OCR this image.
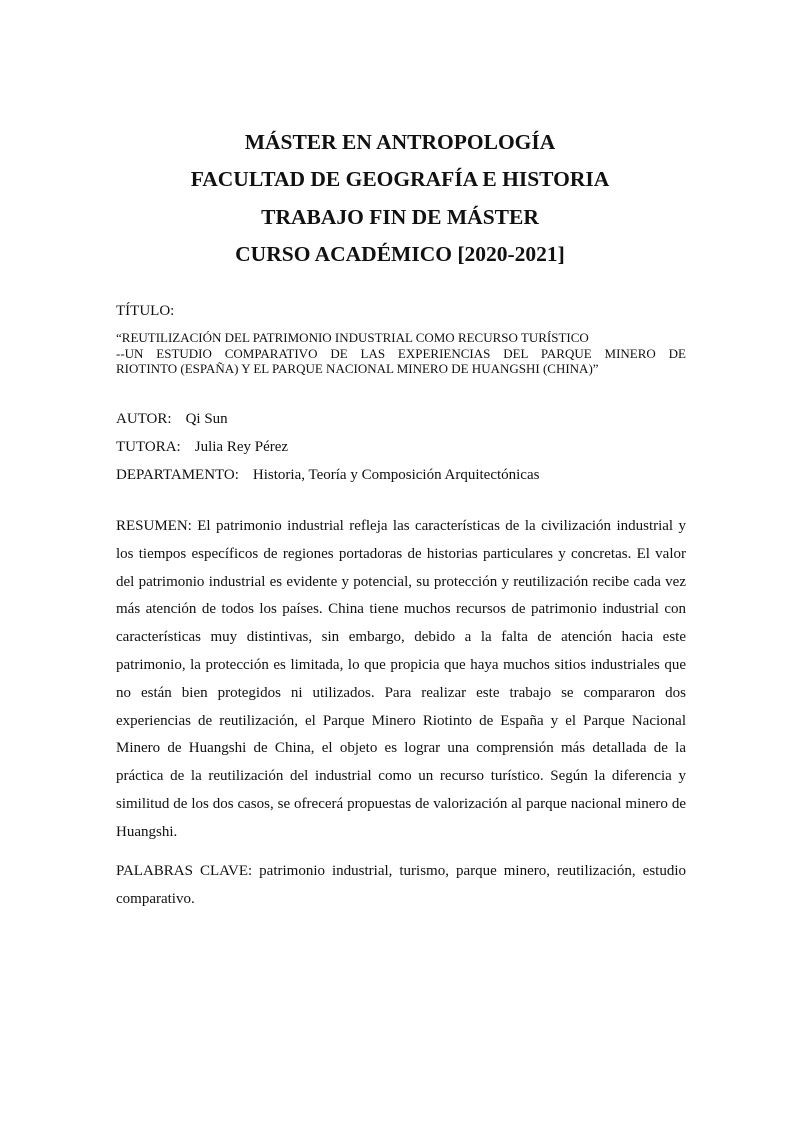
MÁSTER EN ANTROPOLOGÍA
FACULTAD DE GEOGRAFÍA E HISTORIA
TRABAJO FIN DE MÁSTER
CURSO ACADÉMICO [2020-2021]
TÍTULO:
“REUTILIZACIÓN DEL PATRIMONIO INDUSTRIAL COMO RECURSO TURÍSTICO
--UN ESTUDIO COMPARATIVO DE LAS EXPERIENCIAS DEL PARQUE MINERO DE
RIOTINTO (ESPAÑA) Y EL PARQUE NACIONAL MINERO DE HUANGSHI (CHINA)”
AUTOR: Qi Sun
TUTORA: Julia Rey Pérez
DEPARTAMENTO: Historia, Teoría y Composición Arquitectónicas
RESUMEN: El patrimonio industrial refleja las características de la civilización industrial y los tiempos específicos de regiones portadoras de historias particulares y concretas. El valor del patrimonio industrial es evidente y potencial, su protección y reutilización recibe cada vez más atención de todos los países. China tiene muchos recursos de patrimonio industrial con características muy distintivas, sin embargo, debido a la falta de atención hacia este patrimonio, la protección es limitada, lo que propicia que haya muchos sitios industriales que no están bien protegidos ni utilizados. Para realizar este trabajo se compararon dos experiencias de reutilización, el Parque Minero Riotinto de España y el Parque Nacional Minero de Huangshi de China, el objeto es lograr una comprensión más detallada de la práctica de la reutilización del industrial como un recurso turístico. Según la diferencia y similitud de los dos casos, se ofrecerá propuestas de valorización al parque nacional minero de Huangshi.
PALABRAS CLAVE: patrimonio industrial, turismo, parque minero, reutilización, estudio comparativo.
